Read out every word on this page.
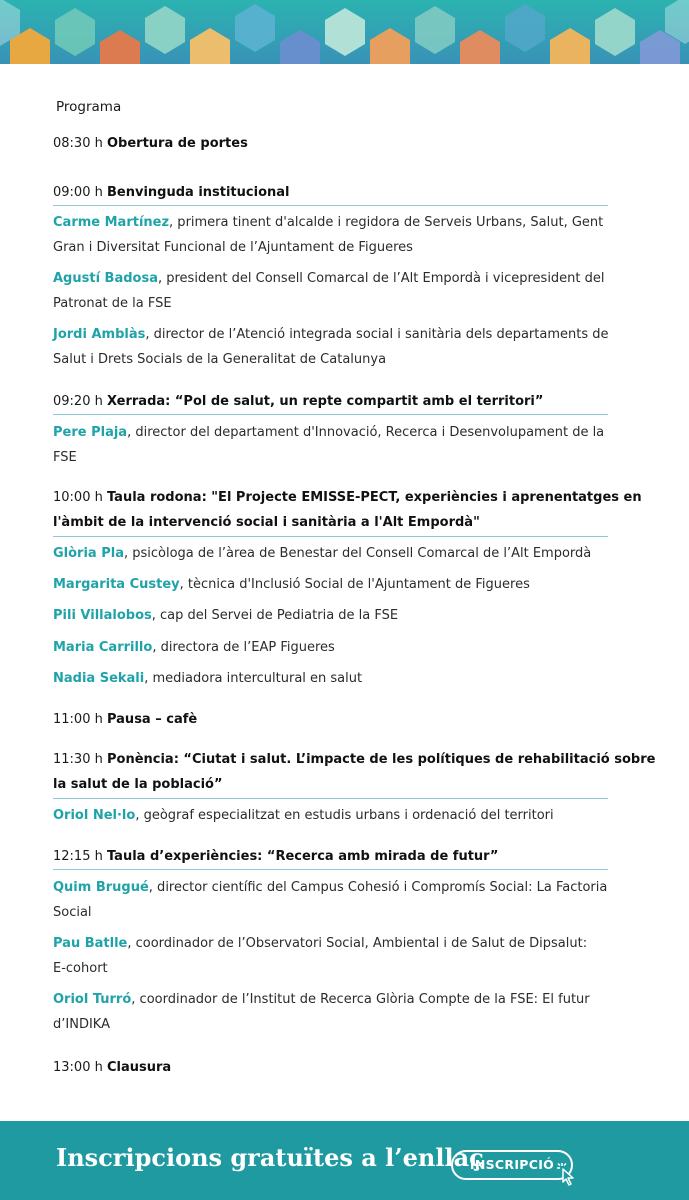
Programa
08:30 h Obertura de portes
09:00 h Benvinguda institucional
Carme Martínez, primera tinent d'alcalde i regidora de Serveis Urbans, Salut, Gent
Gran i Diversitat Funcional de l’Ajuntament de Figueres
Agustí Badosa, president del Consell Comarcal de l’Alt Empordà i vicepresident del
Patronat de la FSE
Jordi Amblàs, director de l’Atenció integrada social i sanitària dels departaments de
Salut i Drets Socials de la Generalitat de Catalunya
09:20 h Xerrada: “Pol de salut, un repte compartit amb el territori”
Pere Plaja, director del departament d'Innovació, Recerca i Desenvolupament de la
FSE
10:00 h Taula rodona: "El Projecte EMISSE-PECT, experiències i aprenentatges en
l'àmbit de la intervenció social i sanitària a l'Alt Empordà"
Glòria Pla, psicòloga de l’àrea de Benestar del Consell Comarcal de l’Alt Empordà
Margarita Custey, tècnica d'Inclusió Social de l'Ajuntament de Figueres
Pili Villalobos, cap del Servei de Pediatria de la FSE
Maria Carrillo, directora de l’EAP Figueres
Nadia Sekali, mediadora intercultural en salut
11:00 h Pausa – cafè
11:30 h Ponència: “Ciutat i salut. L’impacte de les polítiques de rehabilitació sobre
la salut de la població”
Oriol Nel·lo, geògraf especialitzat en estudis urbans i ordenació del territori
12:15 h Taula d’experiències: “Recerca amb mirada de futur”
Quim Brugué, director científic del Campus Cohesió i Compromís Social: La Factoria
Social
Pau Batlle, coordinador de l’Observatori Social, Ambiental i de Salut de Dipsalut:
E-cohort
Oriol Turró, coordinador de l’Institut de Recerca Glòria Compte de la FSE: El futur
d’INDIKA
13:00 h Clausura
Inscripcions gratuïtes a l’enllaç
INSCRIPCIÓ
